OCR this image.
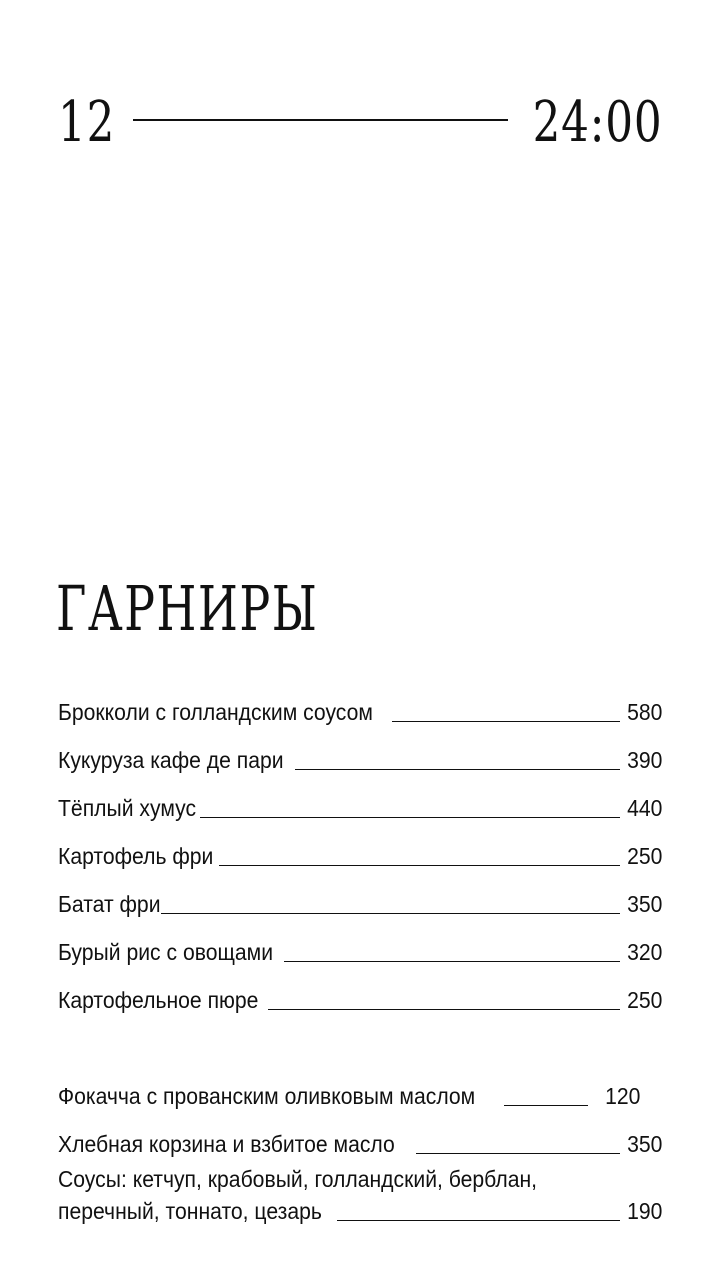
12	24:00
ГАРНИРЫ
Брокколи с голландским соусом	580
Кукуруза кафе де пари	390
Тёплый хумус	440
Картофель фри	250
Батат фри	350
Бурый рис с овощами	320
Картофельное пюре	250
Фокачча с прованским оливковым маслом	120
Хлебная корзина и взбитое масло	350
Соусы: кетчуп, крабовый, голландский, берблан,
перечный, тоннато, цезарь	190
